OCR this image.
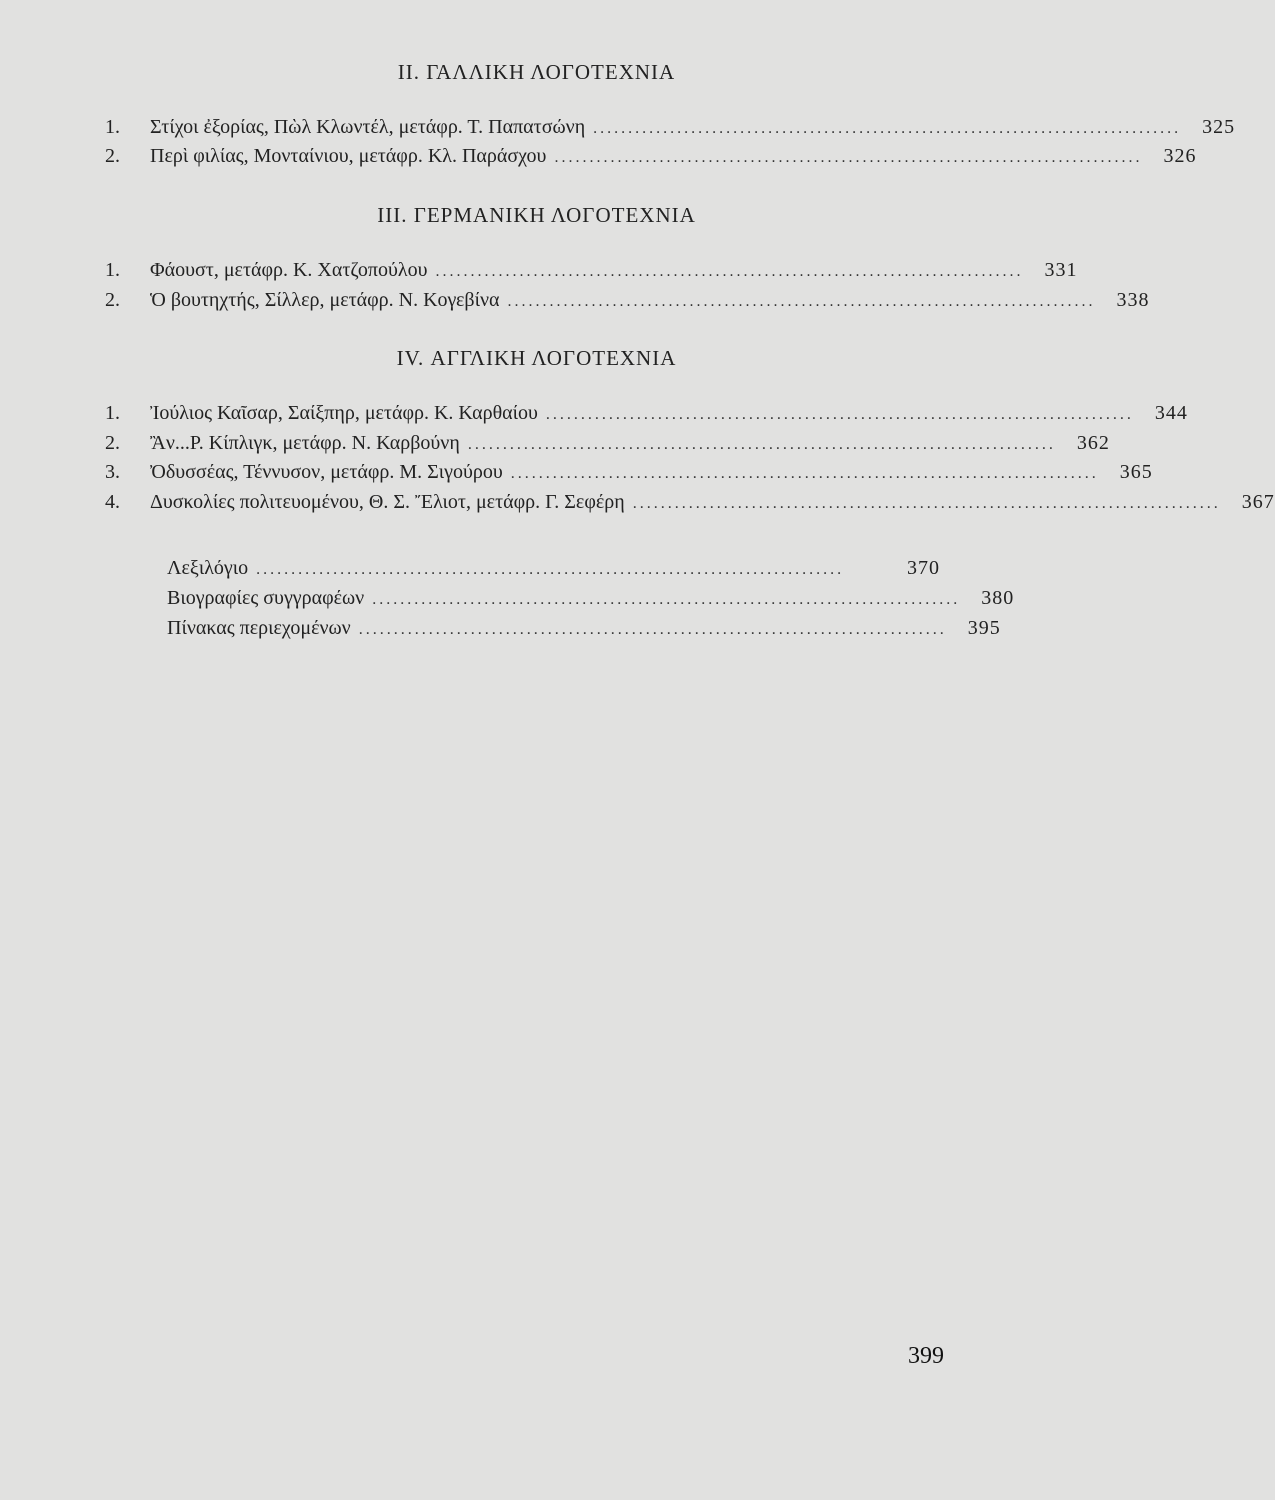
II. ΓΑΛΛΙΚΗ ΛΟΓΟΤΕΧΝΙΑ
1.	Στίχοι ἐξορίας, Πὼλ Κλωντέλ, μετάφρ. Τ. Παπατσώνη ....................................................................................	325
2.	Περὶ φιλίας, Μονταίνιου, μετάφρ. Κλ. Παράσχου ....................................................................................	326
III. ΓΕΡΜΑΝΙΚΗ ΛΟΓΟΤΕΧΝΙΑ
1.	Φάουστ, μετάφρ. Κ. Χατζοπούλου ....................................................................................	331
2.	Ὁ βουτηχτής, Σίλλερ, μετάφρ. Ν. Κογεβίνα ....................................................................................	338
IV. ΑΓΓΛΙΚΗ ΛΟΓΟΤΕΧΝΙΑ
1.	Ἰούλιος Καῖσαρ, Σαίξπηρ, μετάφρ. Κ. Καρθαίου ....................................................................................	344
2.	Ἂν...Ρ. Κίπλιγκ, μετάφρ. Ν. Καρβούνη ....................................................................................	362
3.	Ὀδυσσέας, Τέννυσον, μετάφρ. Μ. Σιγούρου ....................................................................................	365
4.	Δυσκολίες πολιτευομένου, Θ. Σ. Ἔλιοτ, μετάφρ. Γ. Σεφέρη ....................................................................................	367
Λεξιλόγιο ....................................................................................	370
Βιογραφίες συγγραφέων ....................................................................................	380
Πίνακας περιεχομένων ....................................................................................	395
399
